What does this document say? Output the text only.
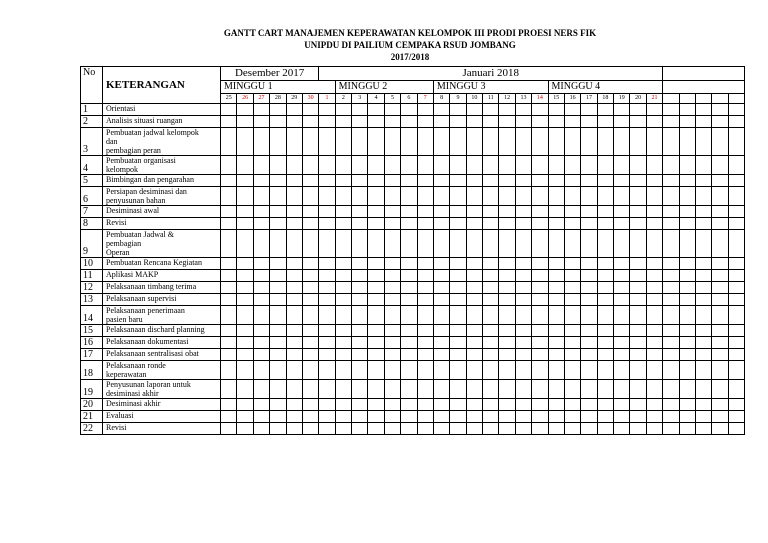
GANTT CART MANAJEMEN KEPERAWATAN KELOMPOK III PRODI PROESI NERS FIK
UNIPDU DI PAILIUM CEMPAKA RSUD JOMBANG
2017/2018
No	KETERANGAN	Desember 2017						Januari 2018																									
		MINGGU 1							MINGGU 2						MINGGU 3							MINGGU 4											
		25	26	27	28	29	30	1	2	3	4	5	6	7	8	9	10	11	12	13	14	15	16	17	18	19	20	21					
1	Orientasi																																

2	Analisis situasi ruangan																																

3	Pembuatan jadwal kelompok
dan
pembagian peran																																

4	Pembuatan organisasi
kelompok																																

5	Bimbingan dan pengarahan																																

6	Persiapan desiminasi dan
penyusunan bahan																																

7	Desiminasi awal																																

8	Revisi																																

9	Pembuatan Jadwal &
pembagian
Operan																																

10	Pembuatan Rencana Kegiatan																																

11	Aplikasi MAKP																																

12	Pelaksanaan timbang terima																																

13	Pelaksanaan supervisi																																

14	Pelaksanaan penerimaan
pasien baru																																

15	Pelaksanaan dischard planning																																

16	Pelaksanaan dokumentasi																																

17	Pelaksanaan sentralisasi obat																																

18	Pelaksanaan ronde
keperawatan																																

19	Penyusunan laporan untuk
desiminasi akhir																																

20	Desiminasi akhir																																

21	Evaluasi																																

22	Revisi																																
